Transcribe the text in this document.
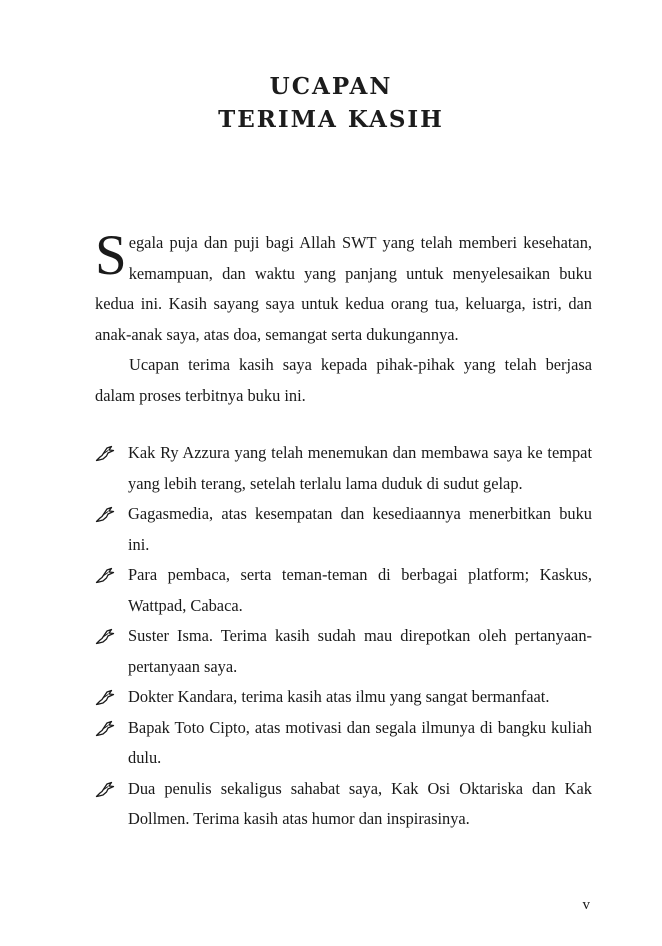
UCAPAN
TERIMA KASIH
Segala puja dan puji bagi Allah SWT yang telah memberi kesehatan, kemampuan, dan waktu yang panjang untuk menyelesaikan buku kedua ini. Kasih sayang saya untuk kedua orang tua, keluarga, istri, dan anak-anak saya, atas doa, semangat serta dukungannya.
Ucapan terima kasih saya kepada pihak-pihak yang telah berjasa dalam proses terbitnya buku ini.
Kak Ry Azzura yang telah menemukan dan membawa saya ke tempat yang lebih terang, setelah terlalu lama duduk di sudut gelap.
Gagasmedia, atas kesempatan dan kesediaannya menerbitkan buku ini.
Para pembaca, serta teman-teman di berbagai platform; Kaskus, Wattpad, Cabaca.
Suster Isma. Terima kasih sudah mau direpotkan oleh pertanyaan-pertanyaan saya.
Dokter Kandara, terima kasih atas ilmu yang sangat bermanfaat.
Bapak Toto Cipto, atas motivasi dan segala ilmunya di bangku kuliah dulu.
Dua penulis sekaligus sahabat saya, Kak Osi Oktariska dan Kak Dollmen. Terima kasih atas humor dan inspirasinya.
v
